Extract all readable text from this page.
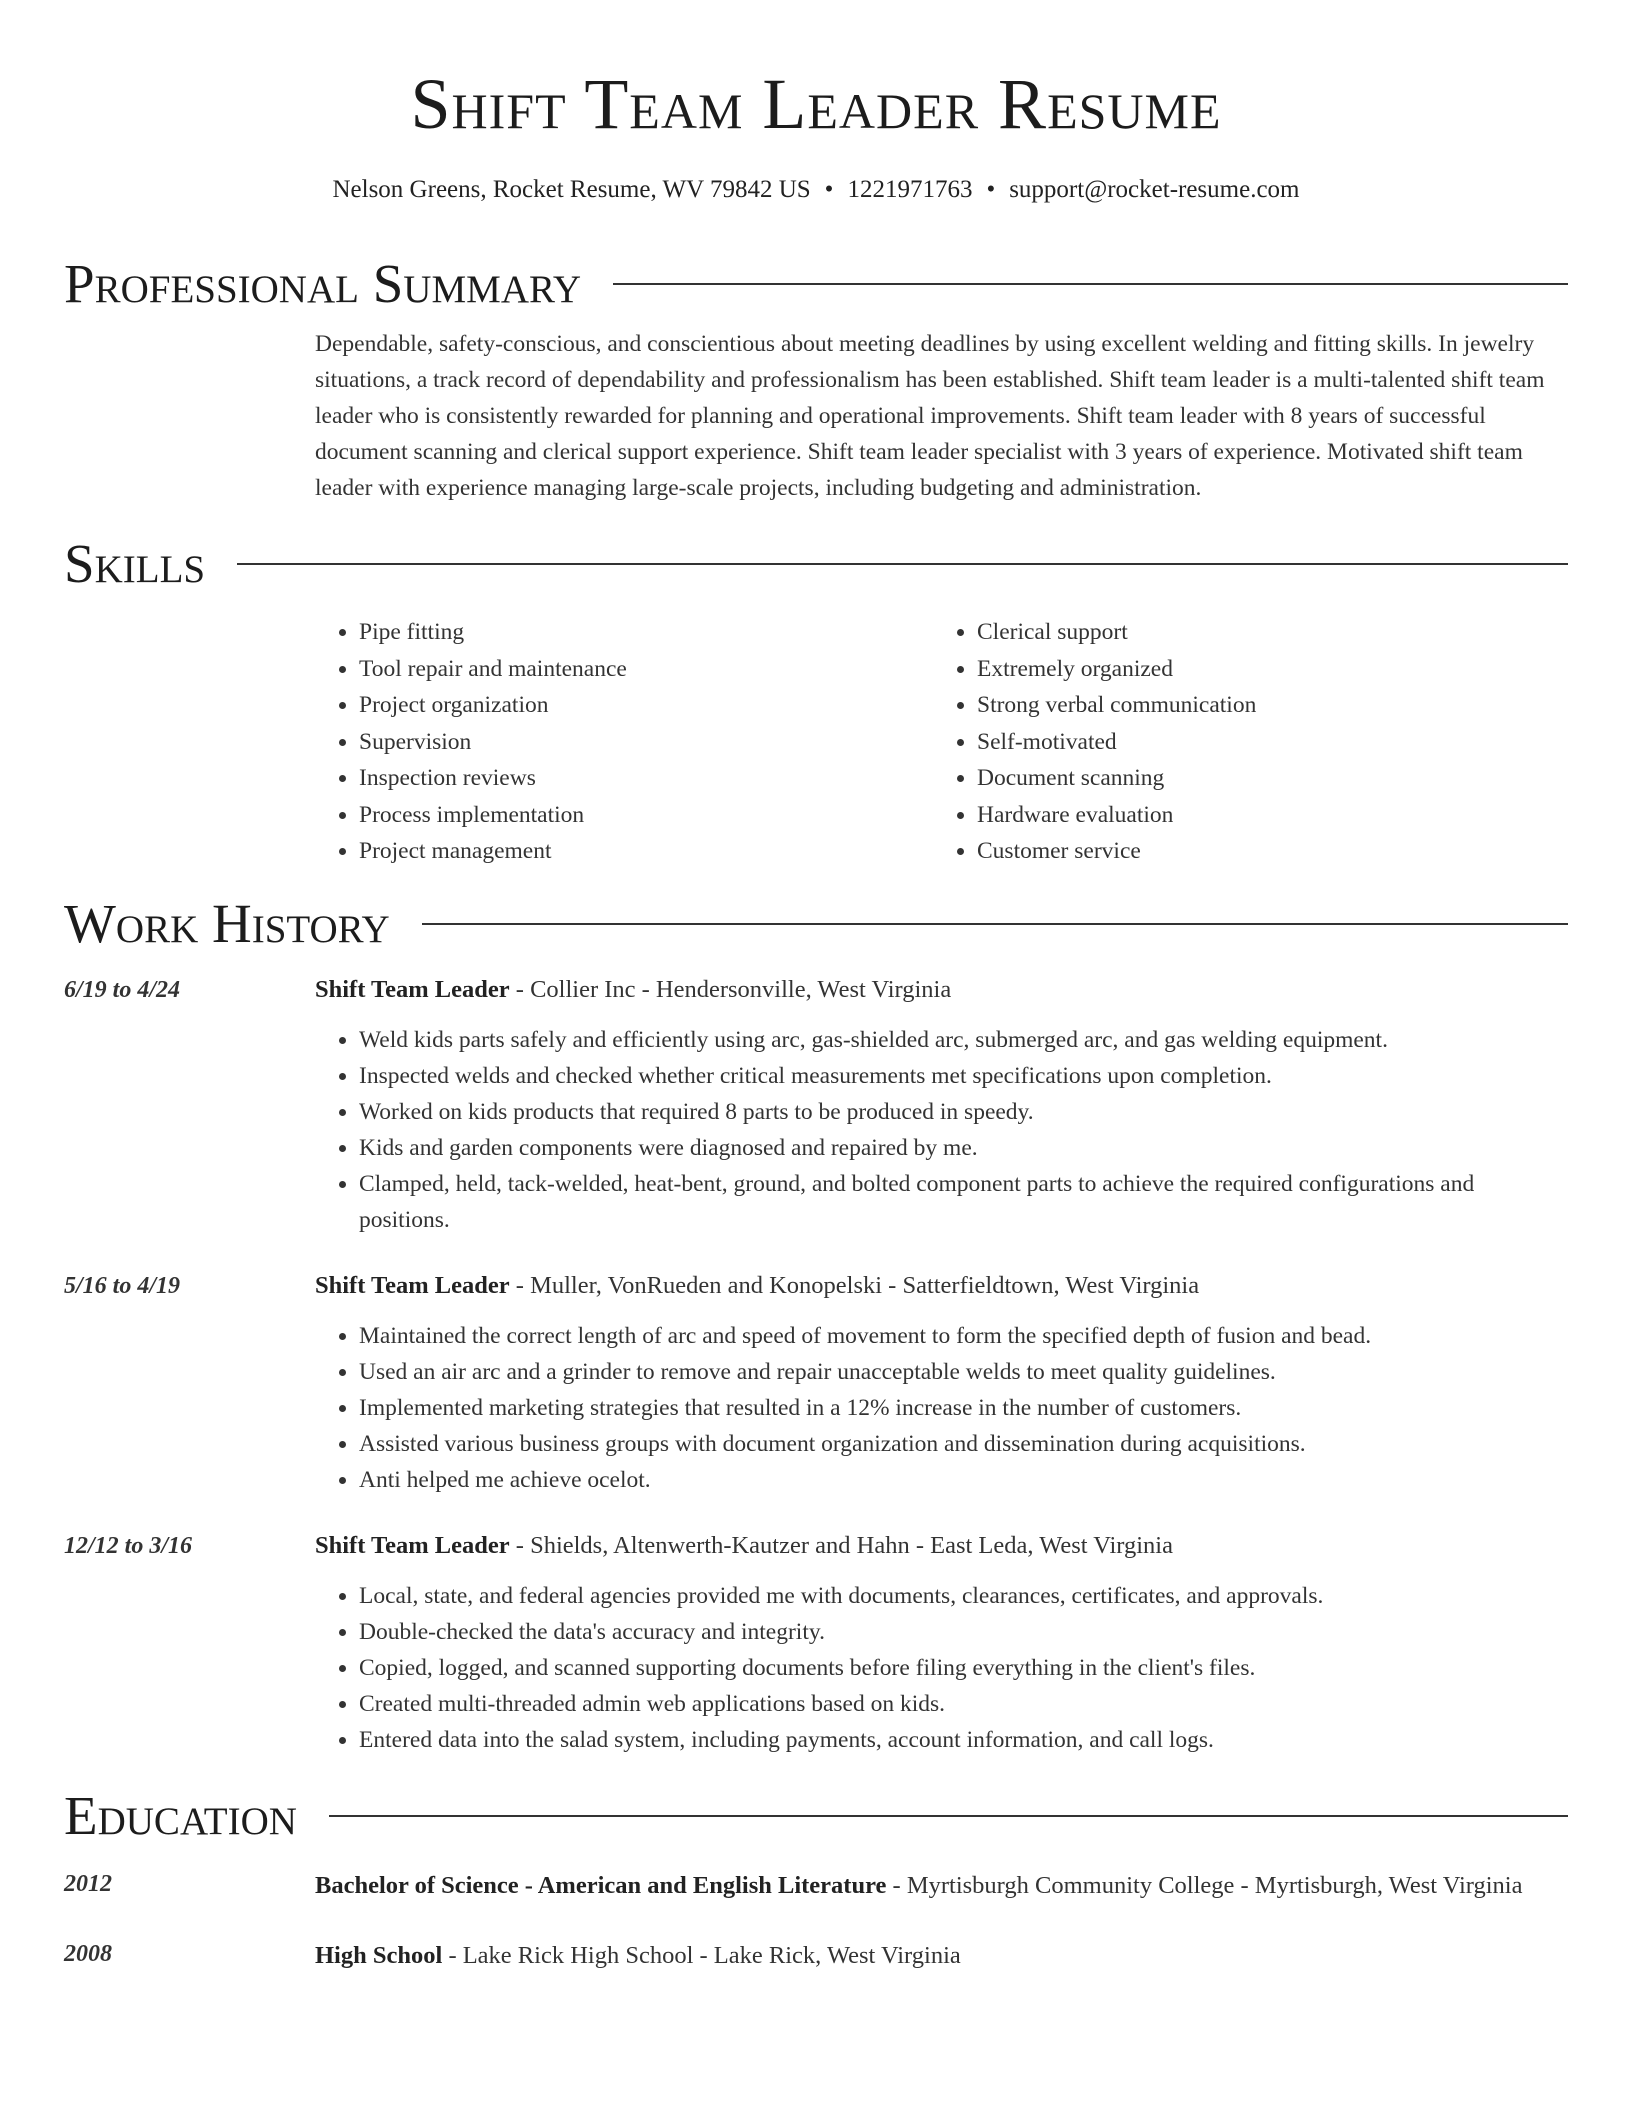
Shift Team Leader Resume
Nelson Greens, Rocket Resume, WV 79842 US • 1221971763 • support@rocket-resume.com
Professional Summary
Dependable, safety-conscious, and conscientious about meeting deadlines by using excellent welding and fitting skills. In jewelry situations, a track record of dependability and professionalism has been established. Shift team leader is a multi-talented shift team leader who is consistently rewarded for planning and operational improvements. Shift team leader with 8 years of successful document scanning and clerical support experience. Shift team leader specialist with 3 years of experience. Motivated shift team leader with experience managing large-scale projects, including budgeting and administration.
Skills
• Pipe fitting
• Tool repair and maintenance
• Project organization
• Supervision
• Inspection reviews
• Process implementation
• Project management
• Clerical support
• Extremely organized
• Strong verbal communication
• Self-motivated
• Document scanning
• Hardware evaluation
• Customer service
Work History
6/19 to 4/24	Shift Team Leader - Collier Inc - Hendersonville, West Virginia
• Weld kids parts safely and efficiently using arc, gas-shielded arc, submerged arc, and gas welding equipment.
• Inspected welds and checked whether critical measurements met specifications upon completion.
• Worked on kids products that required 8 parts to be produced in speedy.
• Kids and garden components were diagnosed and repaired by me.
• Clamped, held, tack-welded, heat-bent, ground, and bolted component parts to achieve the required configurations and positions.
5/16 to 4/19	Shift Team Leader - Muller, VonRueden and Konopelski - Satterfieldtown, West Virginia
• Maintained the correct length of arc and speed of movement to form the specified depth of fusion and bead.
• Used an air arc and a grinder to remove and repair unacceptable welds to meet quality guidelines.
• Implemented marketing strategies that resulted in a 12% increase in the number of customers.
• Assisted various business groups with document organization and dissemination during acquisitions.
• Anti helped me achieve ocelot.
12/12 to 3/16	Shift Team Leader - Shields, Altenwerth-Kautzer and Hahn - East Leda, West Virginia
• Local, state, and federal agencies provided me with documents, clearances, certificates, and approvals.
• Double-checked the data's accuracy and integrity.
• Copied, logged, and scanned supporting documents before filing everything in the client's files.
• Created multi-threaded admin web applications based on kids.
• Entered data into the salad system, including payments, account information, and call logs.
Education
2012	Bachelor of Science - American and English Literature - Myrtisburgh Community College - Myrtisburgh, West Virginia
2008	High School - Lake Rick High School - Lake Rick, West Virginia
